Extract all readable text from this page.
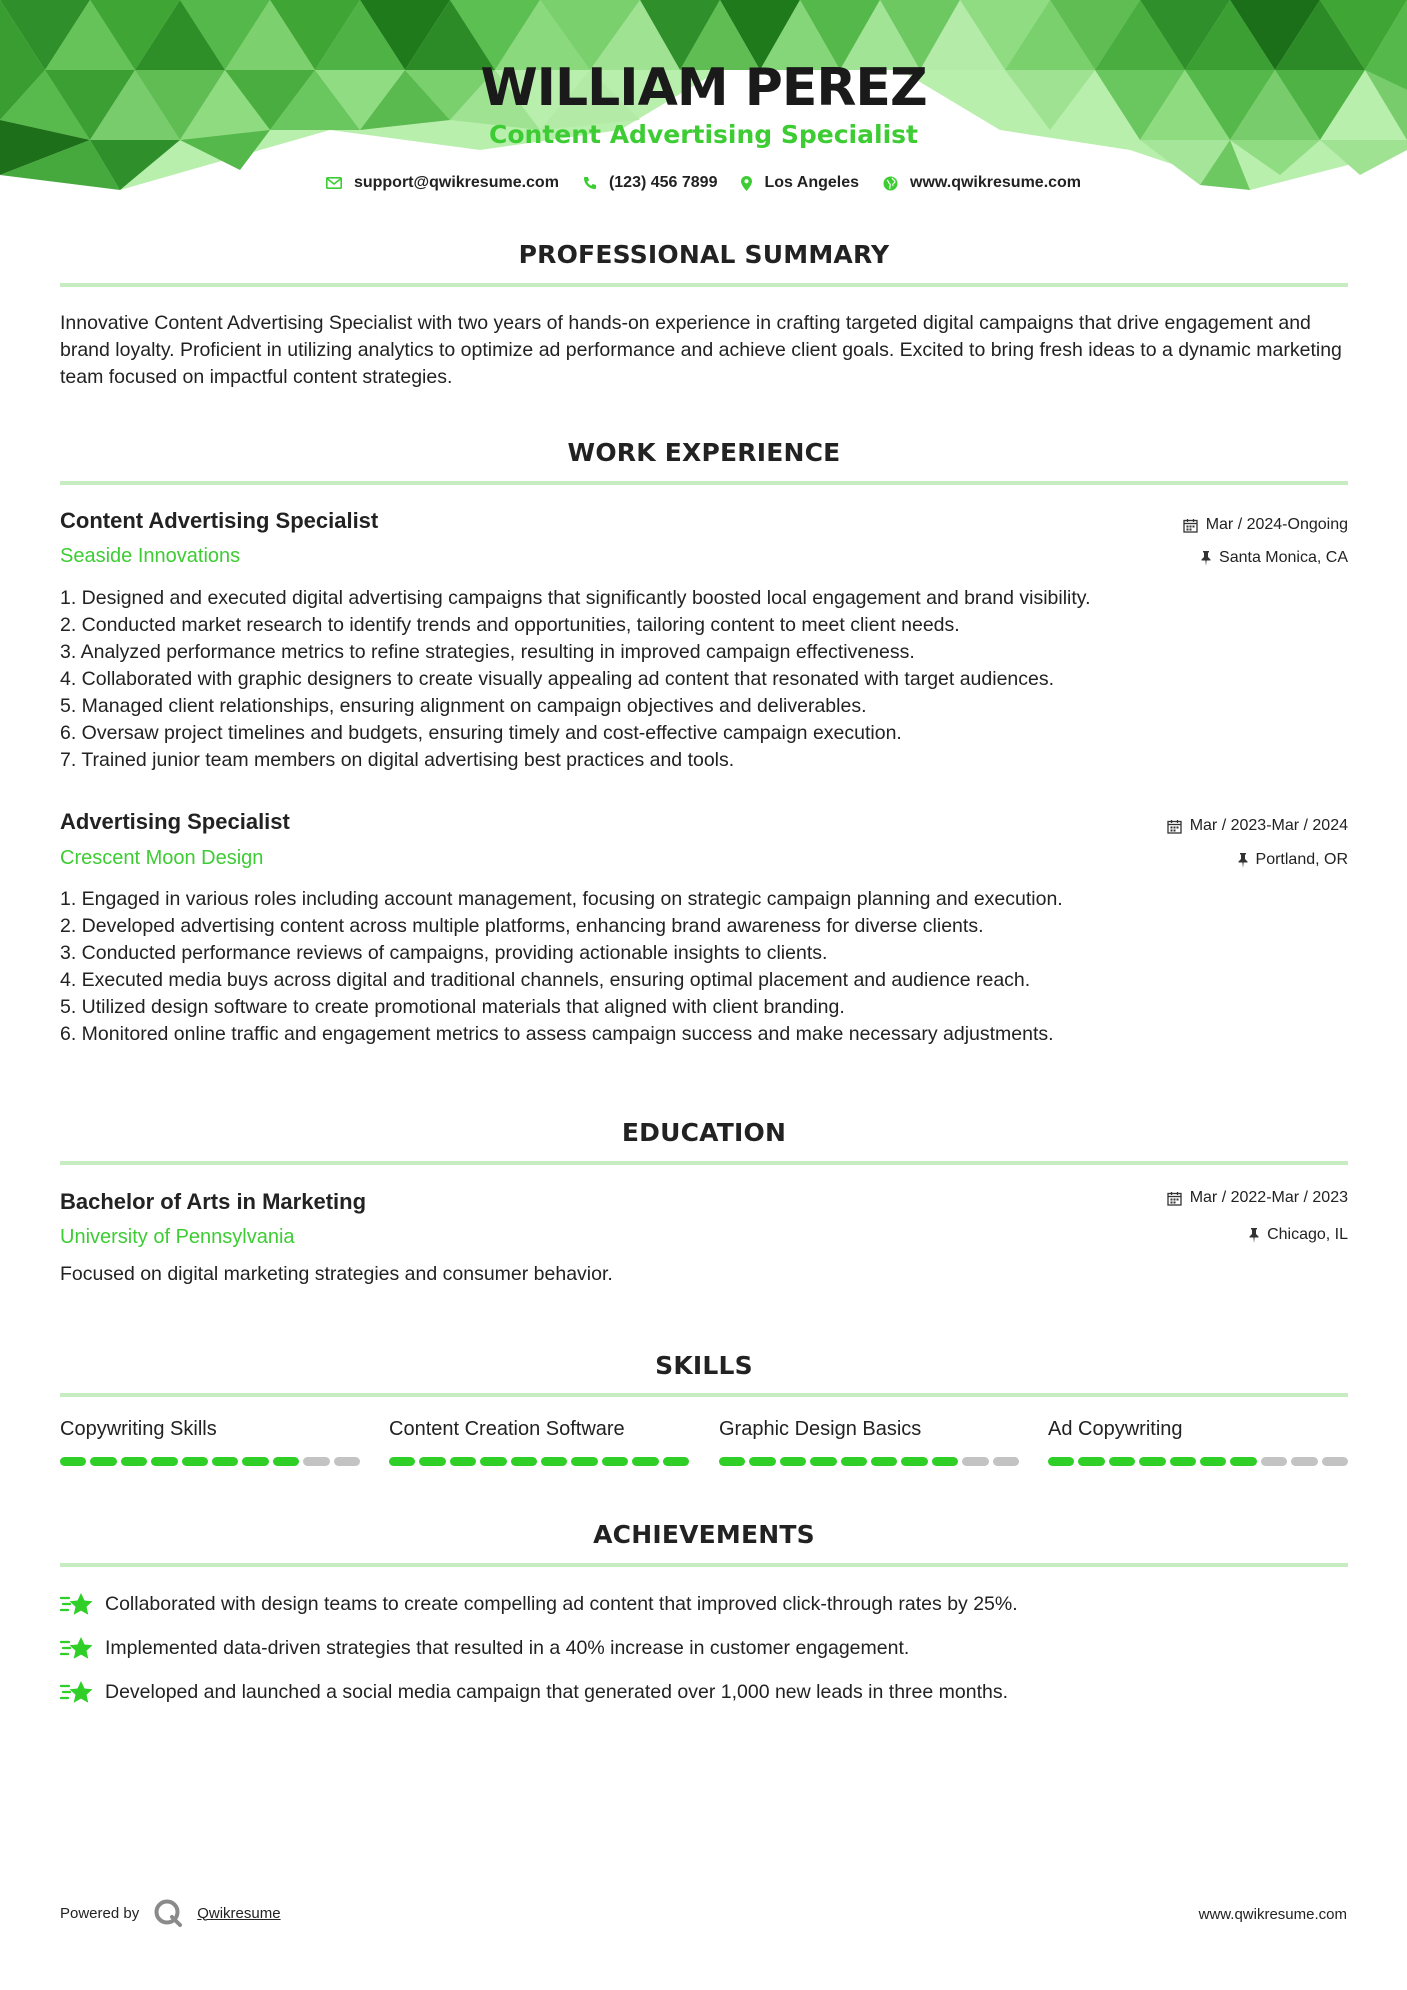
WILLIAM PEREZ
Content Advertising Specialist
support@qwikresume.com	(123) 456 7899	Los Angeles	www.qwikresume.com
PROFESSIONAL SUMMARY
Innovative Content Advertising Specialist with two years of hands-on experience in crafting targeted digital campaigns that drive engagement and brand loyalty. Proficient in utilizing analytics to optimize ad performance and achieve client goals. Excited to bring fresh ideas to a dynamic marketing team focused on impactful content strategies.
WORK EXPERIENCE
Content Advertising Specialist	Mar / 2024-Ongoing
Seaside Innovations	Santa Monica, CA
1. Designed and executed digital advertising campaigns that significantly boosted local engagement and brand visibility.
2. Conducted market research to identify trends and opportunities, tailoring content to meet client needs.
3. Analyzed performance metrics to refine strategies, resulting in improved campaign effectiveness.
4. Collaborated with graphic designers to create visually appealing ad content that resonated with target audiences.
5. Managed client relationships, ensuring alignment on campaign objectives and deliverables.
6. Oversaw project timelines and budgets, ensuring timely and cost-effective campaign execution.
7. Trained junior team members on digital advertising best practices and tools.
Advertising Specialist	Mar / 2023-Mar / 2024
Crescent Moon Design	Portland, OR
1. Engaged in various roles including account management, focusing on strategic campaign planning and execution.
2. Developed advertising content across multiple platforms, enhancing brand awareness for diverse clients.
3. Conducted performance reviews of campaigns, providing actionable insights to clients.
4. Executed media buys across digital and traditional channels, ensuring optimal placement and audience reach.
5. Utilized design software to create promotional materials that aligned with client branding.
6. Monitored online traffic and engagement metrics to assess campaign success and make necessary adjustments.
EDUCATION
Bachelor of Arts in Marketing	Mar / 2022-Mar / 2023
University of Pennsylvania	Chicago, IL
Focused on digital marketing strategies and consumer behavior.
SKILLS
Copywriting Skills	Content Creation Software	Graphic Design Basics	Ad Copywriting
ACHIEVEMENTS
Collaborated with design teams to create compelling ad content that improved click-through rates by 25%.
Implemented data-driven strategies that resulted in a 40% increase in customer engagement.
Developed and launched a social media campaign that generated over 1,000 new leads in three months.
Powered by	Qwikresume	www.qwikresume.com
